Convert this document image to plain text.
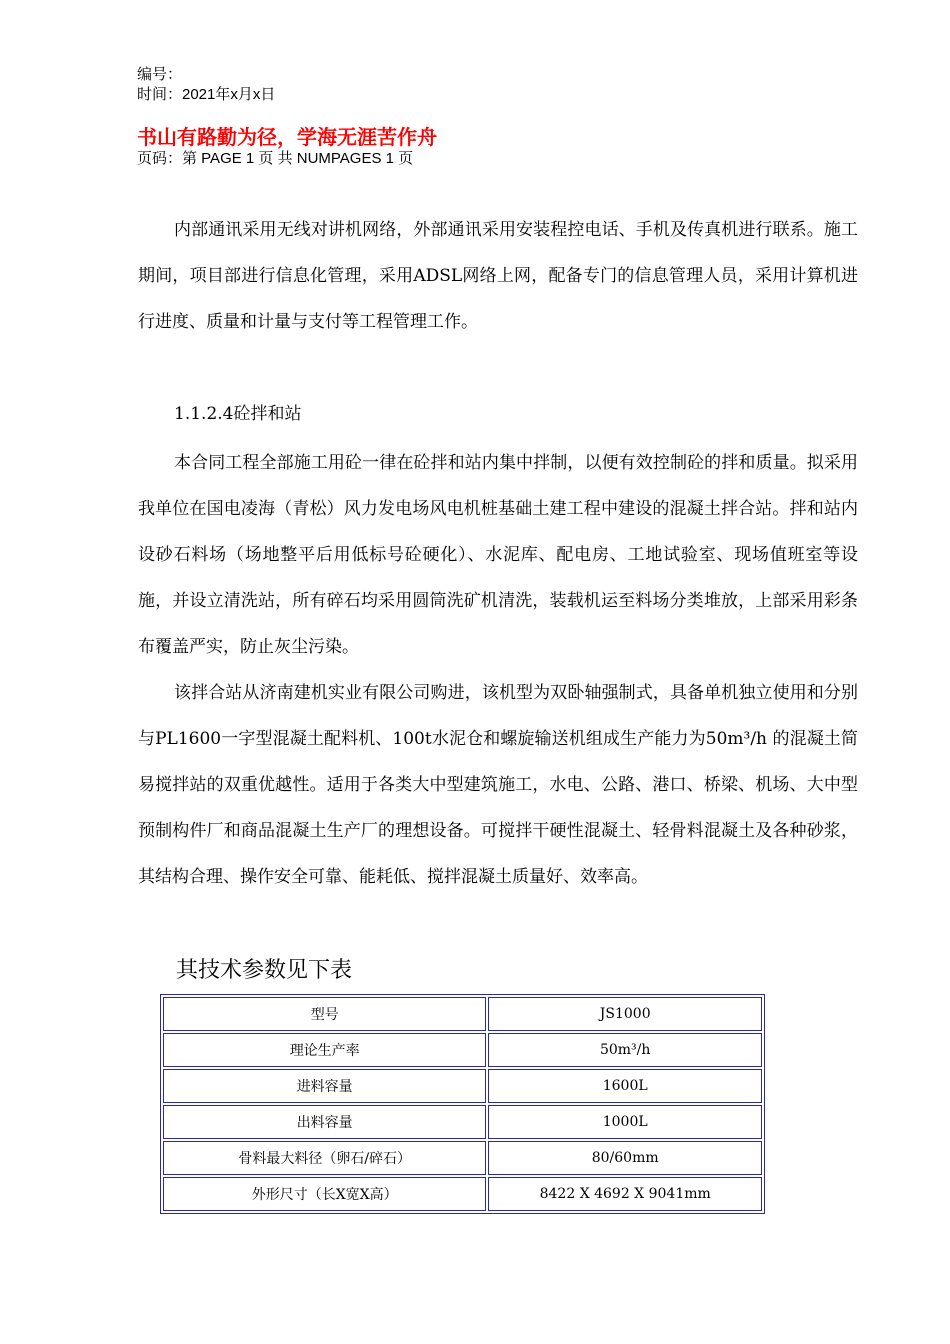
编号：
时间：2021年x月x日
书山有路勤为径，学海无涯苦作舟
页码：第 PAGE 1 页 共 NUMPAGES 1 页

内部通讯采用无线对讲机网络，外部通讯采用安装程控电话、手机及传真机进行联系。施工期间，项目部进行信息化管理，采用ADSL网络上网，配备专门的信息管理人员，采用计算机进行进度、质量和计量与支付等工程管理工作。

1.1.2.4砼拌和站

本合同工程全部施工用砼一律在砼拌和站内集中拌制，以便有效控制砼的拌和质量。拟采用我单位在国电凌海（青松）风力发电场风电机桩基础土建工程中建设的混凝土拌合站。拌和站内设砂石料场（场地整平后用低标号砼硬化）、水泥库、配电房、工地试验室、现场值班室等设施，并设立清洗站，所有碎石均采用圆筒洗矿机清洗，装载机运至料场分类堆放，上部采用彩条布覆盖严实，防止灰尘污染。

该拌合站从济南建机实业有限公司购进，该机型为双卧轴强制式，具备单机独立使用和分别与PL1600一字型混凝土配料机、100t水泥仓和螺旋输送机组成生产能力为50m³/h 的混凝土简易搅拌站的双重优越性。适用于各类大中型建筑施工，水电、公路、港口、桥梁、机场、大中型预制构件厂和商品混凝土生产厂的理想设备。可搅拌干硬性混凝土、轻骨料混凝土及各种砂浆，其结构合理、操作安全可靠、能耗低、搅拌混凝土质量好、效率高。

其技术参数见下表
型号	JS1000
理论生产率	50m³/h
进料容量	1600L
出料容量	1000L
骨料最大料径（卵石/碎石）	80/60mm
外形尺寸（长X宽X高）	8422 X 4692 X 9041mm
